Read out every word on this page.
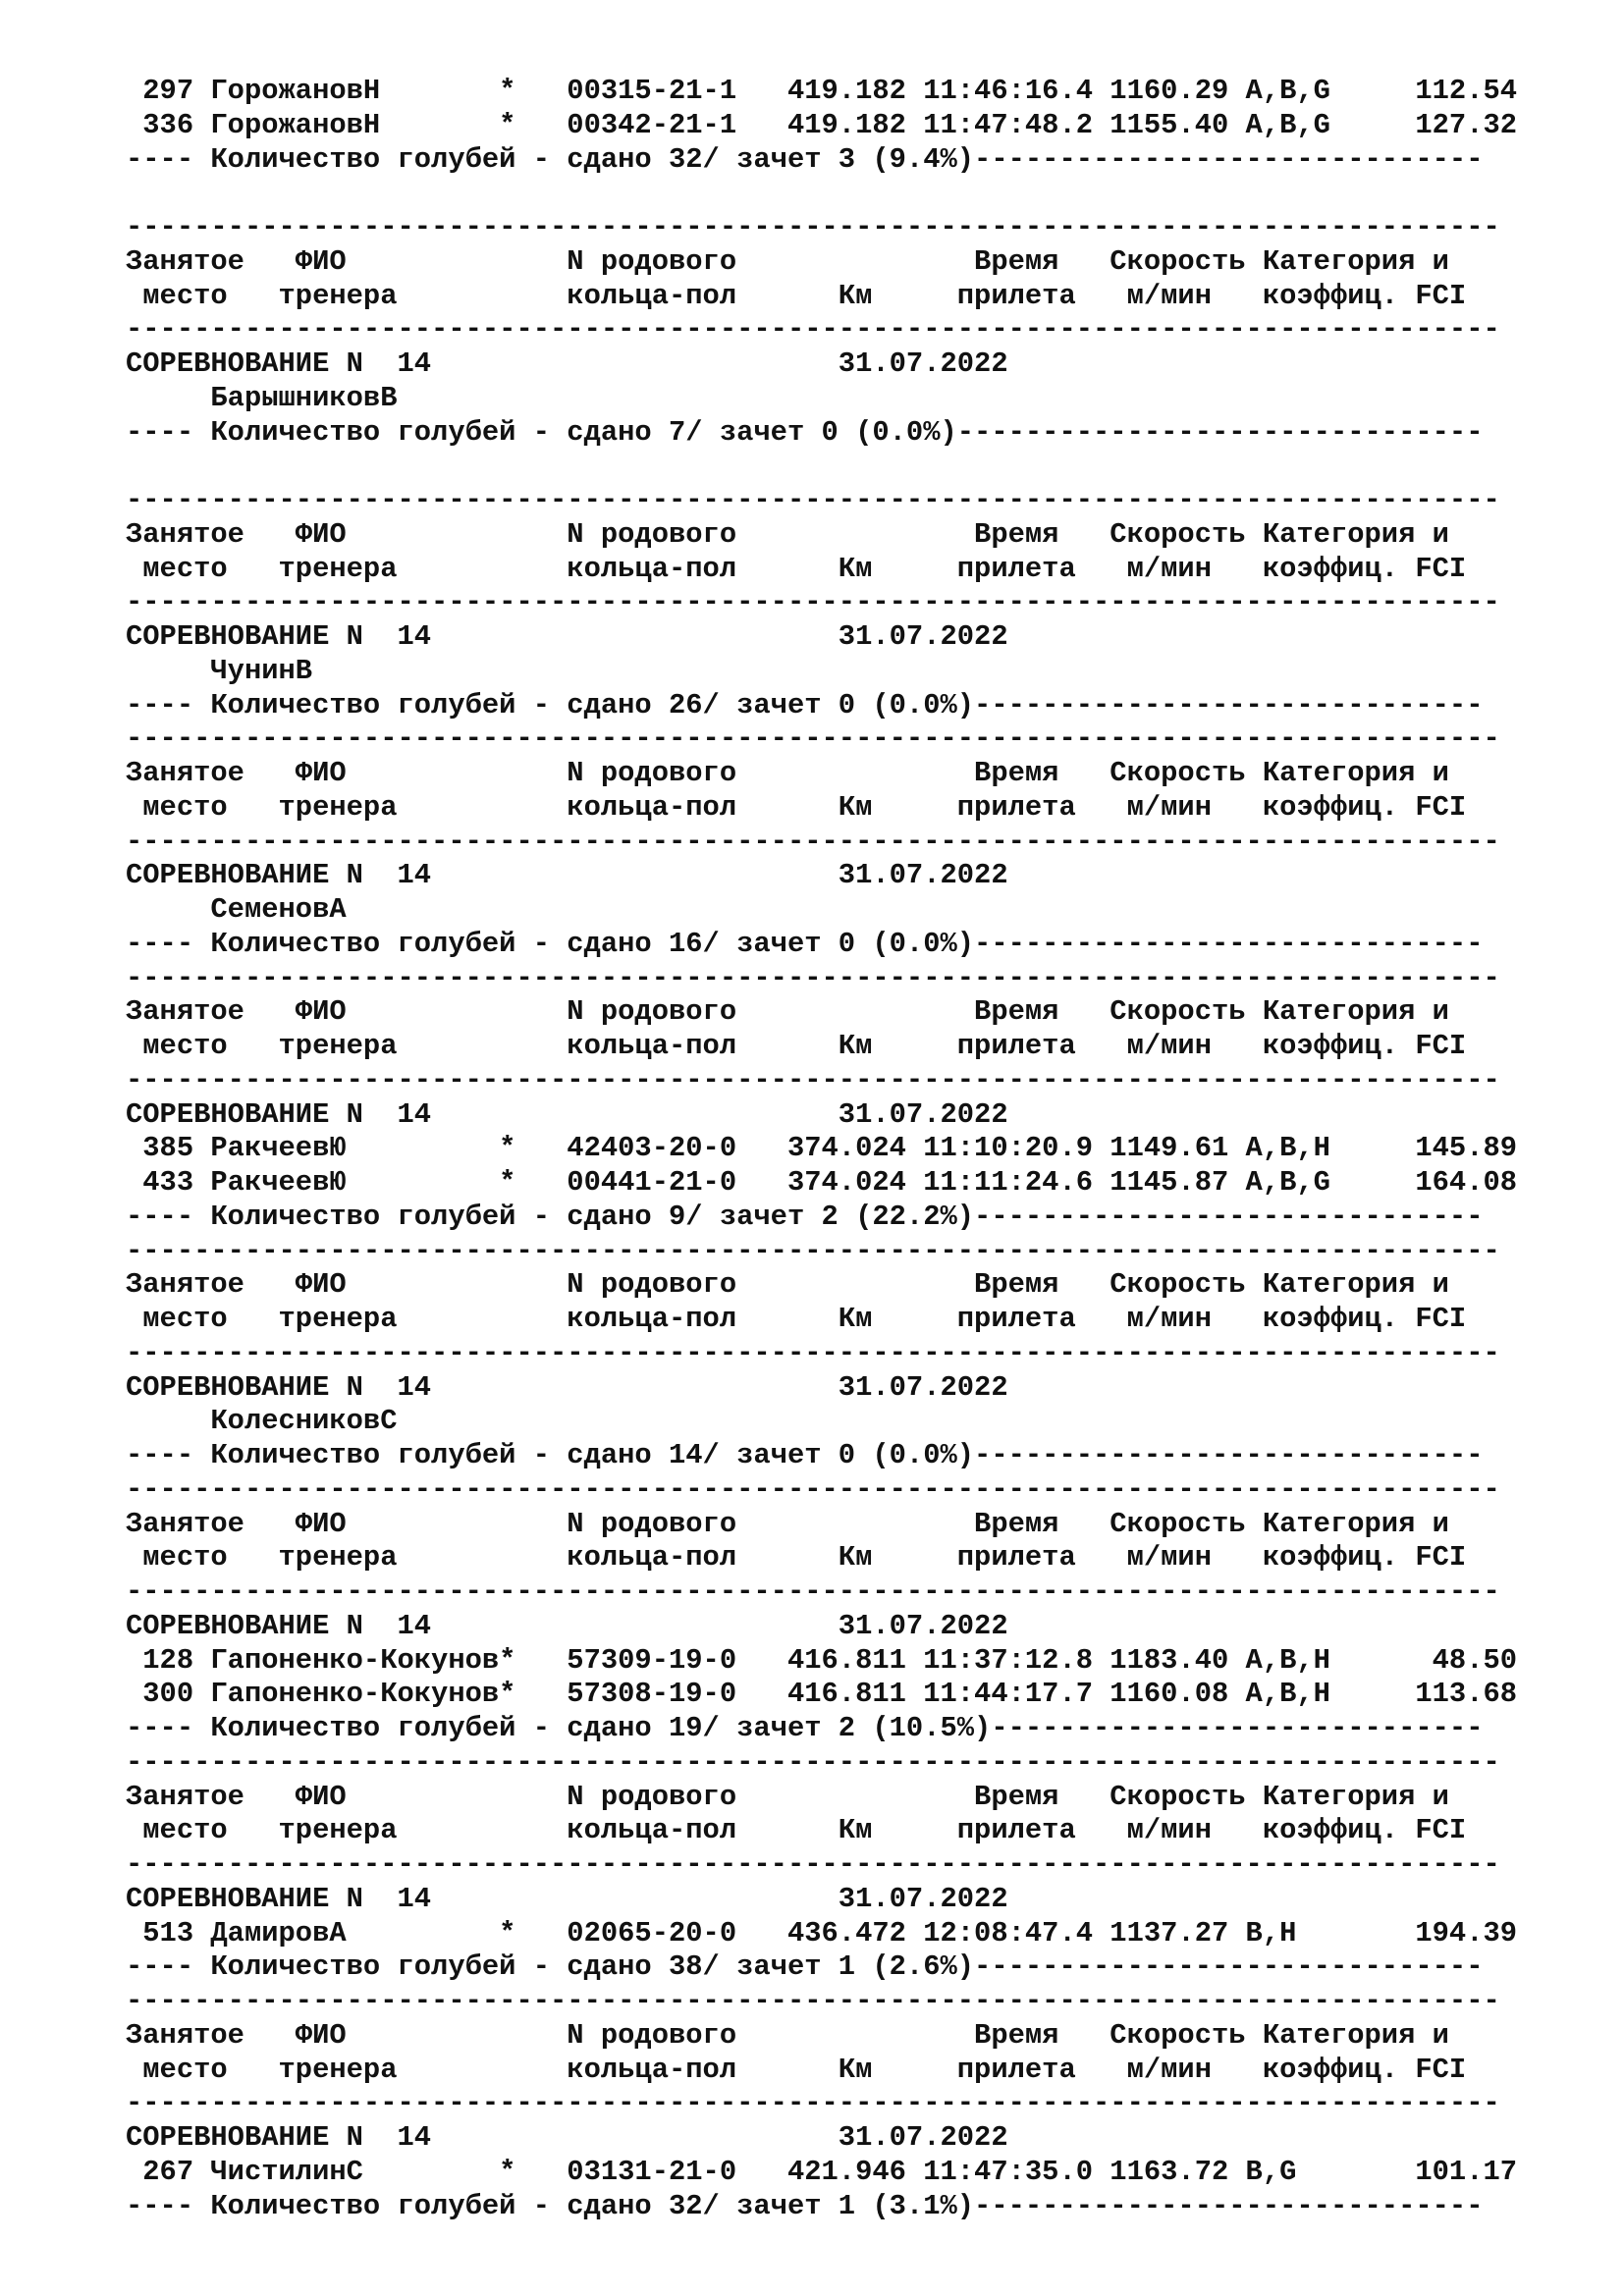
297 ГорожановН       *   00315-21-1   419.182 11:46:16.4 1160.29 A,B,G     112.54
336 ГорожановН       *   00342-21-1   419.182 11:47:48.2 1155.40 A,B,G     127.32
---- Количество голубей - сдано 32/ зачет 3 (9.4%)------------------------------
---------------------------------------------------------------------------------
Занятое   ФИО             N родового              Время   Скорость Категория и
место   тренера          кольца-пол      Км     прилета   м/мин   коэффиц. FCI
---------------------------------------------------------------------------------
СОРЕВНОВАНИЕ N  14                        31.07.2022
БарышниковВ
---- Количество голубей - сдано 7/ зачет 0 (0.0%)-------------------------------
---------------------------------------------------------------------------------
Занятое   ФИО             N родового              Время   Скорость Категория и
место   тренера          кольца-пол      Км     прилета   м/мин   коэффиц. FCI
---------------------------------------------------------------------------------
СОРЕВНОВАНИЕ N  14                        31.07.2022
ЧунинВ
---- Количество голубей - сдано 26/ зачет 0 (0.0%)------------------------------
---------------------------------------------------------------------------------
Занятое   ФИО             N родового              Время   Скорость Категория и
место   тренера          кольца-пол      Км     прилета   м/мин   коэффиц. FCI
---------------------------------------------------------------------------------
СОРЕВНОВАНИЕ N  14                        31.07.2022
СеменовА
---- Количество голубей - сдано 16/ зачет 0 (0.0%)------------------------------
---------------------------------------------------------------------------------
Занятое   ФИО             N родового              Время   Скорость Категория и
место   тренера          кольца-пол      Км     прилета   м/мин   коэффиц. FCI
---------------------------------------------------------------------------------
СОРЕВНОВАНИЕ N  14                        31.07.2022
385 РакчеевЮ         *   42403-20-0   374.024 11:10:20.9 1149.61 A,B,H     145.89
433 РакчеевЮ         *   00441-21-0   374.024 11:11:24.6 1145.87 A,B,G     164.08
---- Количество голубей - сдано 9/ зачет 2 (22.2%)------------------------------
---------------------------------------------------------------------------------
Занятое   ФИО             N родового              Время   Скорость Категория и
место   тренера          кольца-пол      Км     прилета   м/мин   коэффиц. FCI
---------------------------------------------------------------------------------
СОРЕВНОВАНИЕ N  14                        31.07.2022
КолесниковС
---- Количество голубей - сдано 14/ зачет 0 (0.0%)------------------------------
---------------------------------------------------------------------------------
Занятое   ФИО             N родового              Время   Скорость Категория и
место   тренера          кольца-пол      Км     прилета   м/мин   коэффиц. FCI
---------------------------------------------------------------------------------
СОРЕВНОВАНИЕ N  14                        31.07.2022
128 Гапоненко-Кокунов*   57309-19-0   416.811 11:37:12.8 1183.40 A,B,H      48.50
300 Гапоненко-Кокунов*   57308-19-0   416.811 11:44:17.7 1160.08 A,B,H     113.68
---- Количество голубей - сдано 19/ зачет 2 (10.5%)-----------------------------
---------------------------------------------------------------------------------
Занятое   ФИО             N родового              Время   Скорость Категория и
место   тренера          кольца-пол      Км     прилета   м/мин   коэффиц. FCI
---------------------------------------------------------------------------------
СОРЕВНОВАНИЕ N  14                        31.07.2022
513 ДамировА         *   02065-20-0   436.472 12:08:47.4 1137.27 B,H       194.39
---- Количество голубей - сдано 38/ зачет 1 (2.6%)------------------------------
---------------------------------------------------------------------------------
Занятое   ФИО             N родового              Время   Скорость Категория и
место   тренера          кольца-пол      Км     прилета   м/мин   коэффиц. FCI
---------------------------------------------------------------------------------
СОРЕВНОВАНИЕ N  14                        31.07.2022
267 ЧистилинС        *   03131-21-0   421.946 11:47:35.0 1163.72 B,G       101.17
---- Количество голубей - сдано 32/ зачет 1 (3.1%)------------------------------
